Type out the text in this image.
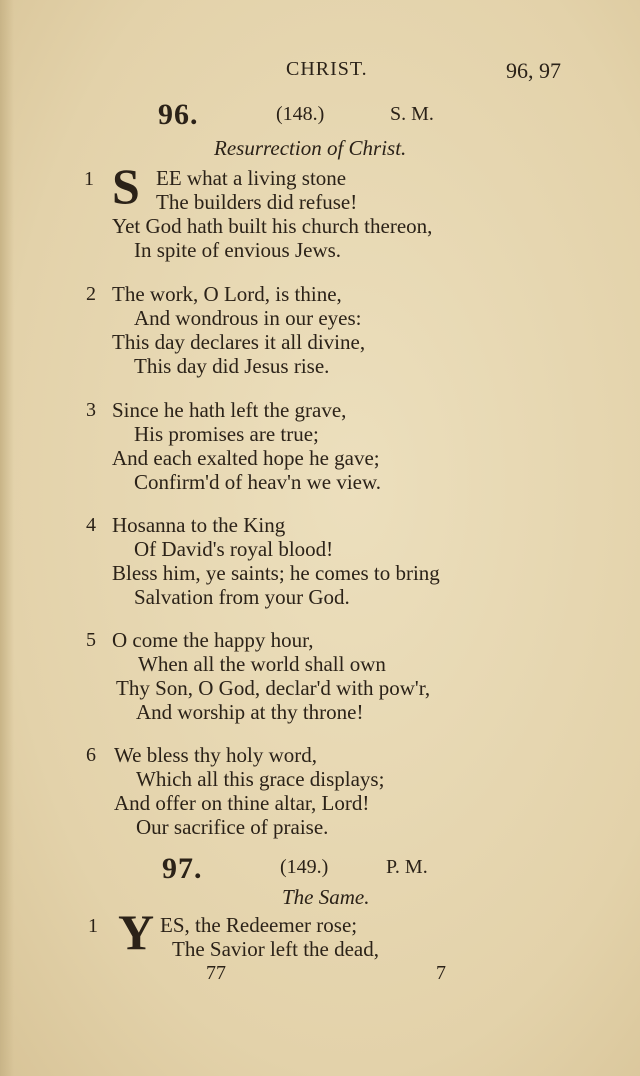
CHRIST.	96, 97
96.	(148.)	S. M.
Resurrection of Christ.
1 S EE what a living stone
The builders did refuse!
Yet God hath built his church thereon,
In spite of envious Jews.
2 The work, O Lord, is thine,
And wondrous in our eyes:
This day declares it all divine,
This day did Jesus rise.
3 Since he hath left the grave,
His promises are true;
And each exalted hope he gave;
Confirm'd of heav'n we view.
4 Hosanna to the King
Of David's royal blood!
Bless him, ye saints; he comes to bring
Salvation from your God.
5 O come the happy hour,
When all the world shall own
Thy Son, O God, declar'd with pow'r,
And worship at thy throne!
6 We bless thy holy word,
Which all this grace displays;
And offer on thine altar, Lord!
Our sacrifice of praise.
97.	(149.)	P. M.
The Same.
1 Y ES, the Redeemer rose;
The Savior left the dead,
77	7
